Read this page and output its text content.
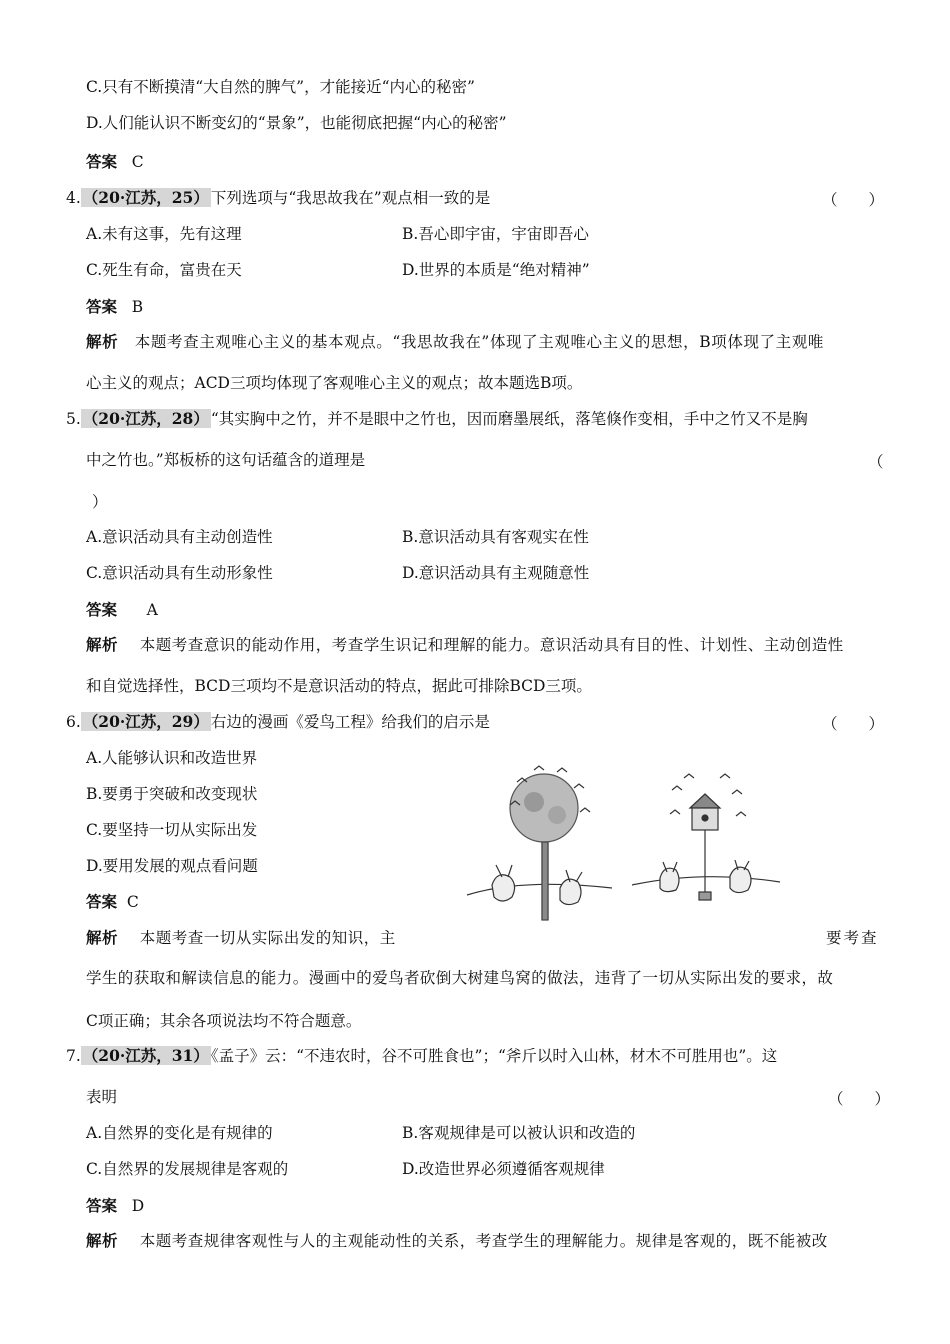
C.只有不断摸清“大自然的脾气”，才能接近“内心的秘密”
D.人们能认识不断变幻的“景象”，也能彻底把握“内心的秘密”
答案 C
4. （20·江苏，25） 下列选项与“我思故我在”观点相一致的是	（　　）
A.未有这事，先有这理	B.吾心即宇宙，宇宙即吾心
C.死生有命，富贵在天	D.世界的本质是“绝对精神”
答案 B
解析 本题考查主观唯心主义的基本观点。“我思故我在”体现了主观唯心主义的思想，B项体现了主观唯
心主义的观点；ACD三项均体现了客观唯心主义的观点；故本题选B项。
5. （20·江苏，28） “其实胸中之竹，并不是眼中之竹也，因而磨墨展纸，落笔倏作变相，手中之竹又不是胸
中之竹也。”郑板桥的这句话蕴含的道理是	（
）
A.意识活动具有主动创造性	B.意识活动具有客观实在性
C.意识活动具有生动形象性	D.意识活动具有主观随意性
答案 A
解析 本题考查意识的能动作用，考查学生识记和理解的能力。意识活动具有目的性、计划性、主动创造性
和自觉选择性，BCD三项均不是意识活动的特点，据此可排除BCD三项。
6. （20·江苏，29） 右边的漫画《爱鸟工程》给我们的启示是	（　　）
A.人能够认识和改造世界
B.要勇于突破和改变现状
C.要坚持一切从实际出发
D.要用发展的观点看问题
答案 C
解析 本题考查一切从实际出发的知识，主	要考查
学生的获取和解读信息的能力。漫画中的爱鸟者砍倒大树建鸟窝的做法，违背了一切从实际出发的要求，故
C项正确；其余各项说法均不符合题意。
7. （20·江苏，31） 《孟子》云：“不违农时，谷不可胜食也”；“斧斤以时入山林，材木不可胜用也”。这
表明	（　　）
A.自然界的变化是有规律的	B.客观规律是可以被认识和改造的
C.自然界的发展规律是客观的	D.改造世界必须遵循客观规律
答案 D
解析 本题考查规律客观性与人的主观能动性的关系，考查学生的理解能力。规律是客观的，既不能被改
